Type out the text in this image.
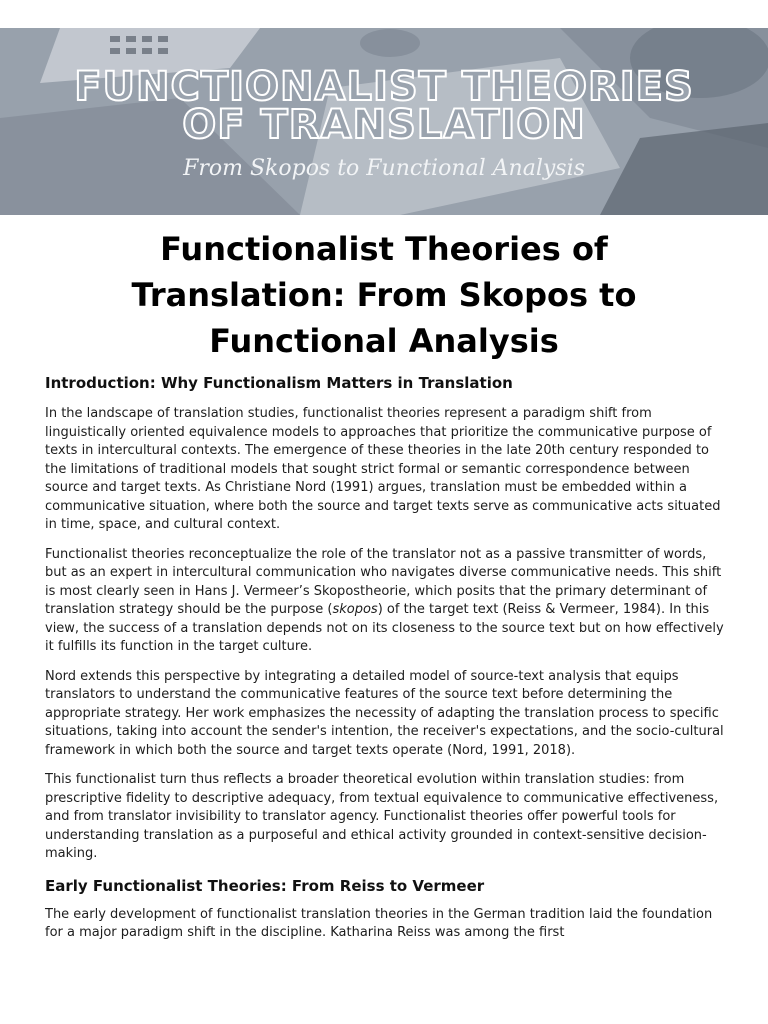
FUNCTIONALIST THEORIES
OF TRANSLATION
From Skopos to Functional Analysis
Functionalist Theories of Translation: From Skopos to Functional Analysis
Introduction: Why Functionalism Matters in Translation

In the landscape of translation studies, functionalist theories represent a paradigm shift from linguistically oriented equivalence models to approaches that prioritize the communicative purpose of texts in intercultural contexts. The emergence of these theories in the late 20th century responded to the limitations of traditional models that sought strict formal or semantic correspondence between source and target texts. As Christiane Nord (1991) argues, translation must be embedded within a communicative situation, where both the source and target texts serve as communicative acts situated in time, space, and cultural context.

Functionalist theories reconceptualize the role of the translator not as a passive transmitter of words, but as an expert in intercultural communication who navigates diverse communicative needs. This shift is most clearly seen in Hans J. Vermeer’s Skopostheorie, which posits that the primary determinant of translation strategy should be the purpose (skopos) of the target text (Reiss & Vermeer, 1984). In this view, the success of a translation depends not on its closeness to the source text but on how effectively it fulfills its function in the target culture.

Nord extends this perspective by integrating a detailed model of source-text analysis that equips translators to understand the communicative features of the source text before determining the appropriate strategy. Her work emphasizes the necessity of adapting the translation process to specific situations, taking into account the sender's intention, the receiver's expectations, and the socio-cultural framework in which both the source and target texts operate (Nord, 1991, 2018).

This functionalist turn thus reflects a broader theoretical evolution within translation studies: from prescriptive fidelity to descriptive adequacy, from textual equivalence to communicative effectiveness, and from translator invisibility to translator agency. Functionalist theories offer powerful tools for understanding translation as a purposeful and ethical activity grounded in context-sensitive decision-making.

Early Functionalist Theories: From Reiss to Vermeer

The early development of functionalist translation theories in the German tradition laid the foundation for a major paradigm shift in the discipline. Katharina Reiss was among the first
